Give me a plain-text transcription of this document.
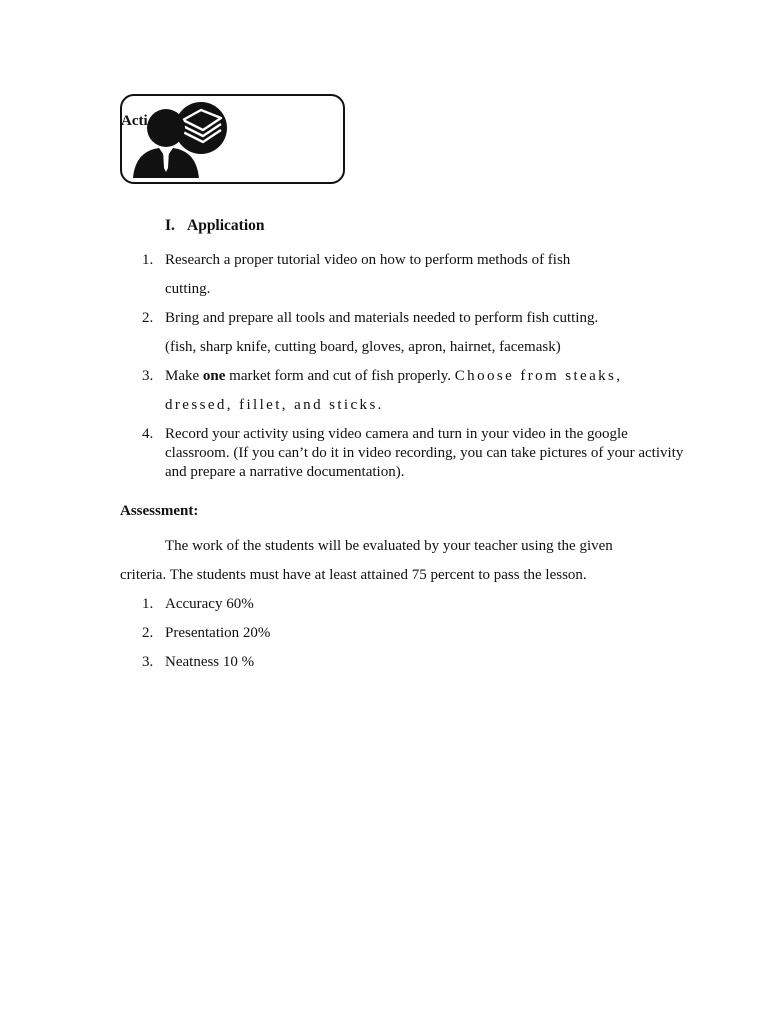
Acti
I. Application
1. Research a proper tutorial video on how to perform methods of fish
cutting.
2. Bring and prepare all tools and materials needed to perform fish cutting.
(fish, sharp knife, cutting board, gloves, apron, hairnet, facemask)
3. Make one market form and cut of fish properly. Choose from steaks,
dressed, fillet, and sticks.
4. Record your activity using video camera and turn in your video in the google classroom. (If you can’t do it in video recording, you can take pictures of your activity and prepare a narrative documentation).
Assessment:
The work of the students will be evaluated by your teacher using the given
criteria. The students must have at least attained 75 percent to pass the lesson.
1. Accuracy 60%
2. Presentation 20%
3. Neatness 10 %
